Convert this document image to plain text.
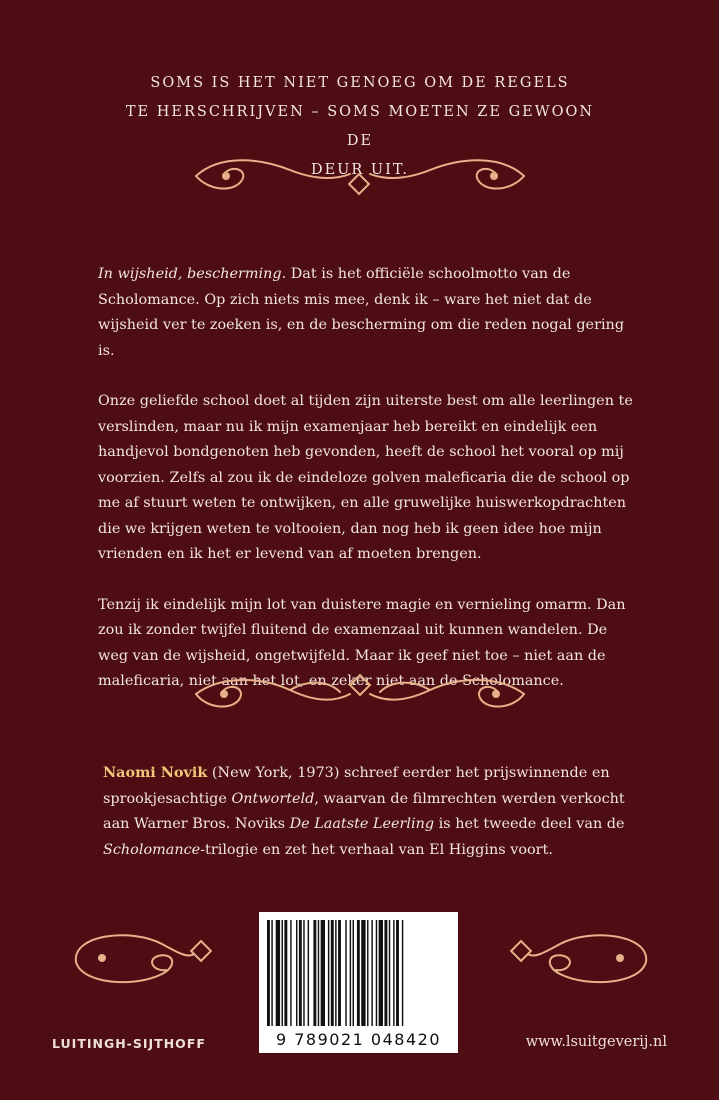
SOMS IS HET NIET GENOEG OM DE REGELS
TE HERSCHRIJVEN – SOMS MOETEN ZE GEWOON DE
DEUR UIT.

In wijsheid, bescherming. Dat is het officiële schoolmotto van de Scholomance. Op zich niets mis mee, denk ik – ware het niet dat de wijsheid ver te zoeken is, en de bescherming om die reden nogal gering is.

Onze geliefde school doet al tijden zijn uiterste best om alle leerlingen te verslinden, maar nu ik mijn examenjaar heb bereikt en eindelijk een handjevol bondgenoten heb gevonden, heeft de school het vooral op mij voorzien. Zelfs al zou ik de eindeloze golven maleficaria die de school op me af stuurt weten te ontwijken, en alle gruwelijke huiswerkopdrachten die we krijgen weten te voltooien, dan nog heb ik geen idee hoe mijn vrienden en ik het er levend van af moeten brengen.

Tenzij ik eindelijk mijn lot van duistere magie en vernieling omarm. Dan zou ik zonder twijfel fluitend de examenzaal uit kunnen wandelen. De weg van de wijsheid, ongetwijfeld. Maar ik geef niet toe – niet aan de maleficaria, niet aan het lot, en zeker niet aan de Scholomance.

Naomi Novik (New York, 1973) schreef eerder het prijswinnende en sprookjesachtige Ontworteld, waarvan de filmrechten werden verkocht aan Warner Bros. Noviks De Laatste Leerling is het tweede deel van de Scholomance-trilogie en zet het verhaal van El Higgins voort.
9 789021 048420
LUITINGH-SIJTHOFF	www.lsuitgeverij.nl
